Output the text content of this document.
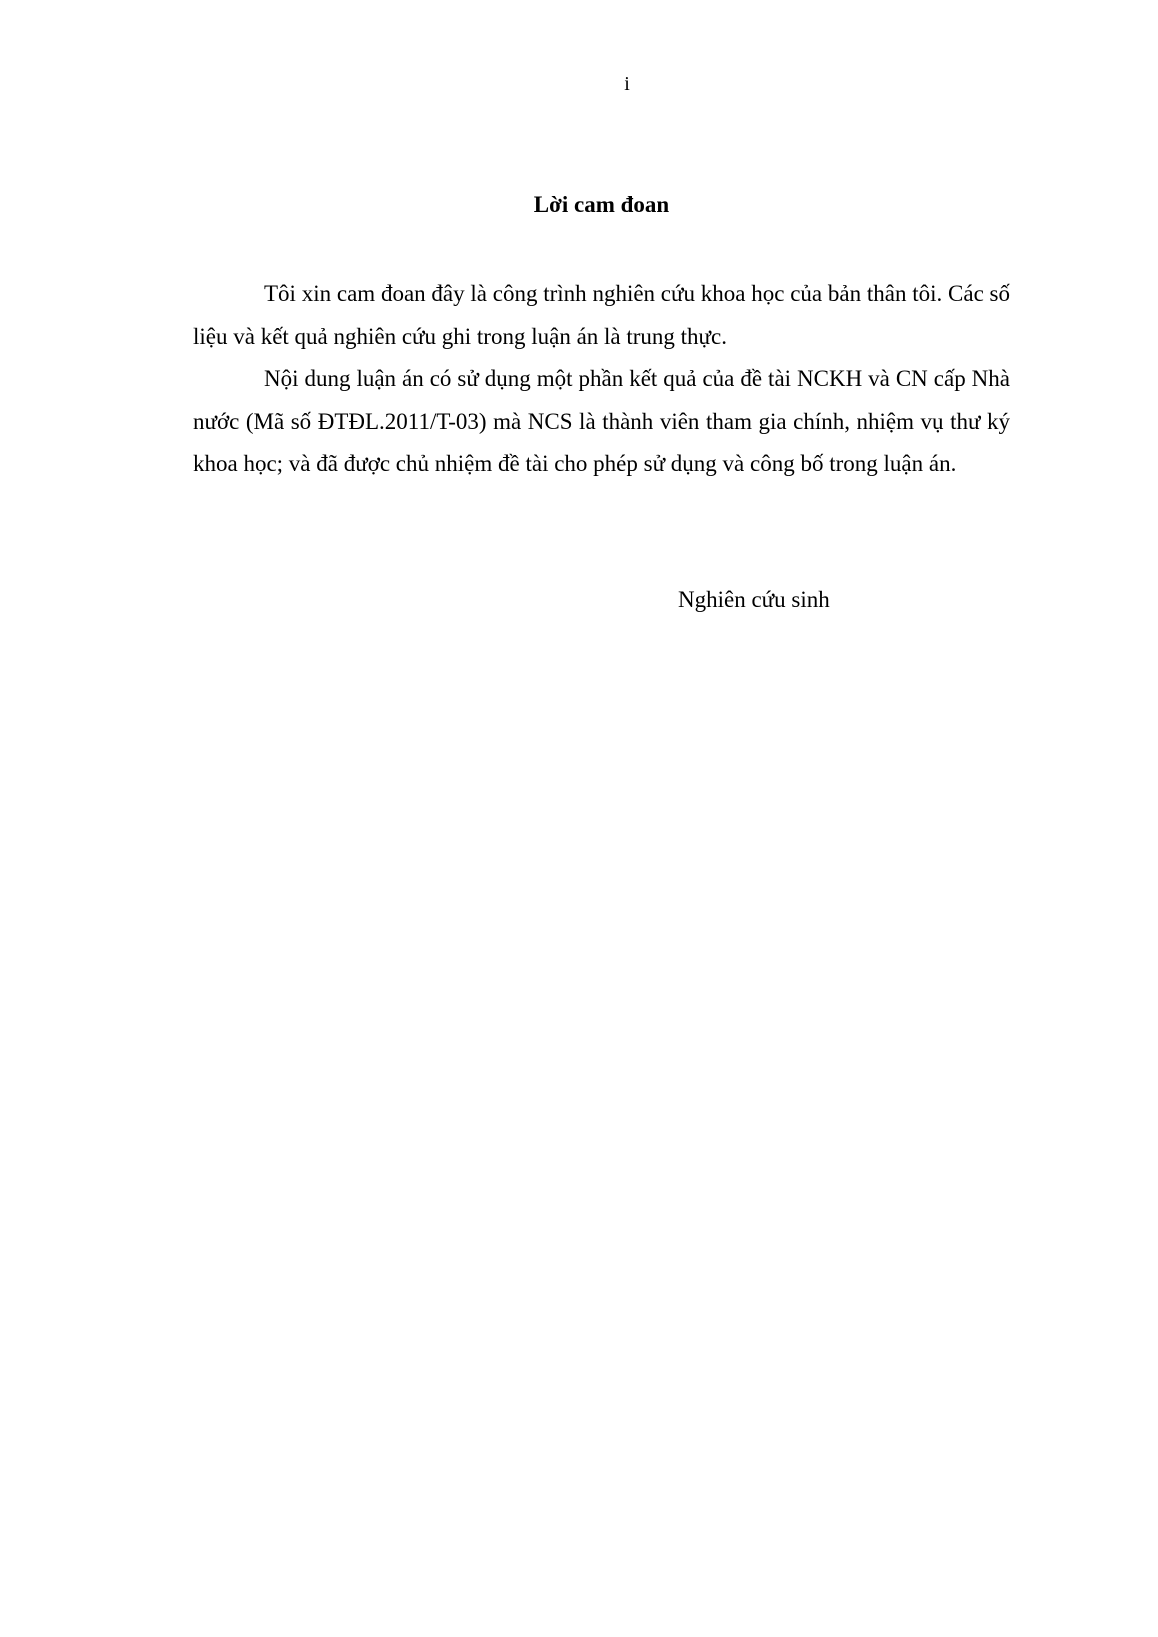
i
Lời cam đoan

Tôi xin cam đoan đây là công trình nghiên cứu khoa học của bản thân tôi. Các số liệu và kết quả nghiên cứu ghi trong luận án là trung thực.

Nội dung luận án có sử dụng một phần kết quả của đề tài NCKH và CN cấp Nhà nước (Mã số ĐTĐL.2011/T-03) mà NCS là thành viên tham gia chính, nhiệm vụ thư ký khoa học; và đã được chủ nhiệm đề tài cho phép sử dụng và công bố trong luận án.

Nghiên cứu sinh
